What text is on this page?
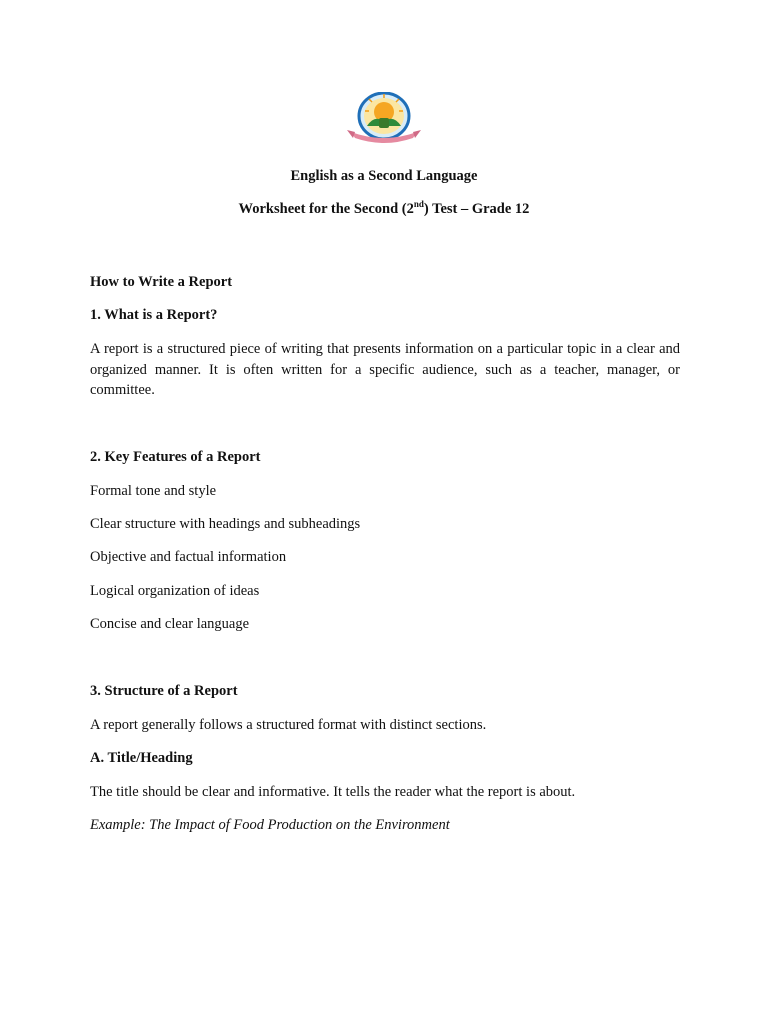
English as a Second Language
Worksheet for the Second (2nd) Test – Grade 12
How to Write a Report
1. What is a Report?
A report is a structured piece of writing that presents information on a particular topic in a clear and organized manner. It is often written for a specific audience, such as a teacher, manager, or committee.
2. Key Features of a Report
Formal tone and style
Clear structure with headings and subheadings
Objective and factual information
Logical organization of ideas
Concise and clear language
3. Structure of a Report
A report generally follows a structured format with distinct sections.
A. Title/Heading
The title should be clear and informative. It tells the reader what the report is about.
Example: The Impact of Food Production on the Environment
